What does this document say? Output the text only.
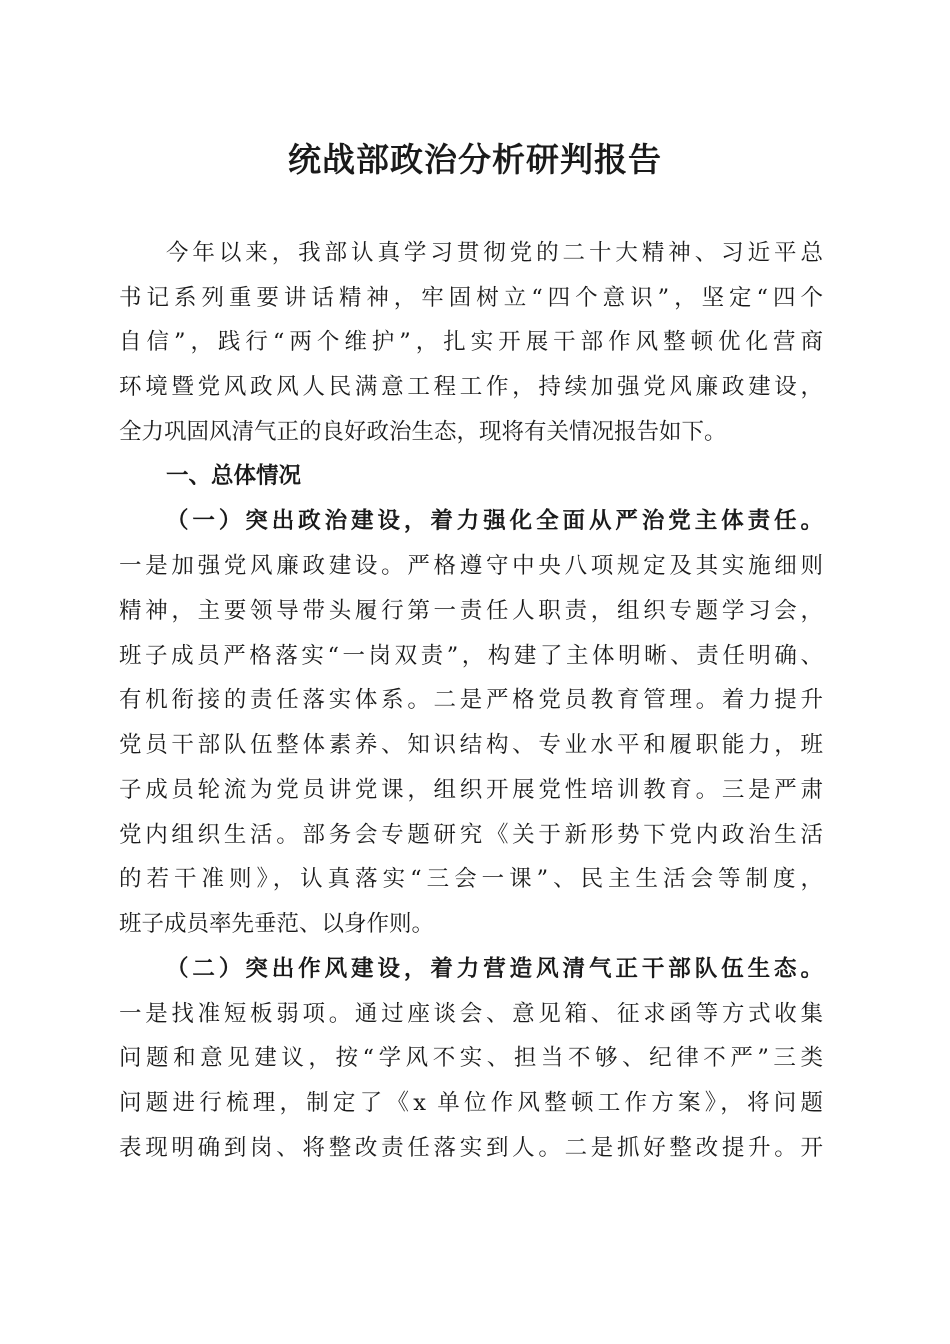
统战部政治分析研判报告

今年以来，我部认真学习贯彻党的二十大精神、习近平总

书记系列重要讲话精神，牢固树立“四个意识”，坚定“四个

自信”，践行“两个维护”，扎实开展干部作风整顿优化营商

环境暨党风政风人民满意工程工作，持续加强党风廉政建设，

全力巩固风清气正的良好政治生态，现将有关情况报告如下。

一、总体情况

（一）突出政治建设，着力强化全面从严治党主体责任。

一是加强党风廉政建设。严格遵守中央八项规定及其实施细则

精神，主要领导带头履行第一责任人职责，组织专题学习会，

班子成员严格落实“一岗双责”，构建了主体明晰、责任明确、

有机衔接的责任落实体系。二是严格党员教育管理。着力提升

党员干部队伍整体素养、知识结构、专业水平和履职能力，班

子成员轮流为党员讲党课，组织开展党性培训教育。三是严肃

党内组织生活。部务会专题研究《关于新形势下党内政治生活

的若干准则》，认真落实“三会一课”、民主生活会等制度，

班子成员率先垂范、以身作则。

（二）突出作风建设，着力营造风清气正干部队伍生态。

一是找准短板弱项。通过座谈会、意见箱、征求函等方式收集

问题和意见建议，按“学风不实、担当不够、纪律不严”三类

问题进行梳理，制定了《x 单位作风整顿工作方案》，将问题

表现明确到岗、将整改责任落实到人。二是抓好整改提升。开
